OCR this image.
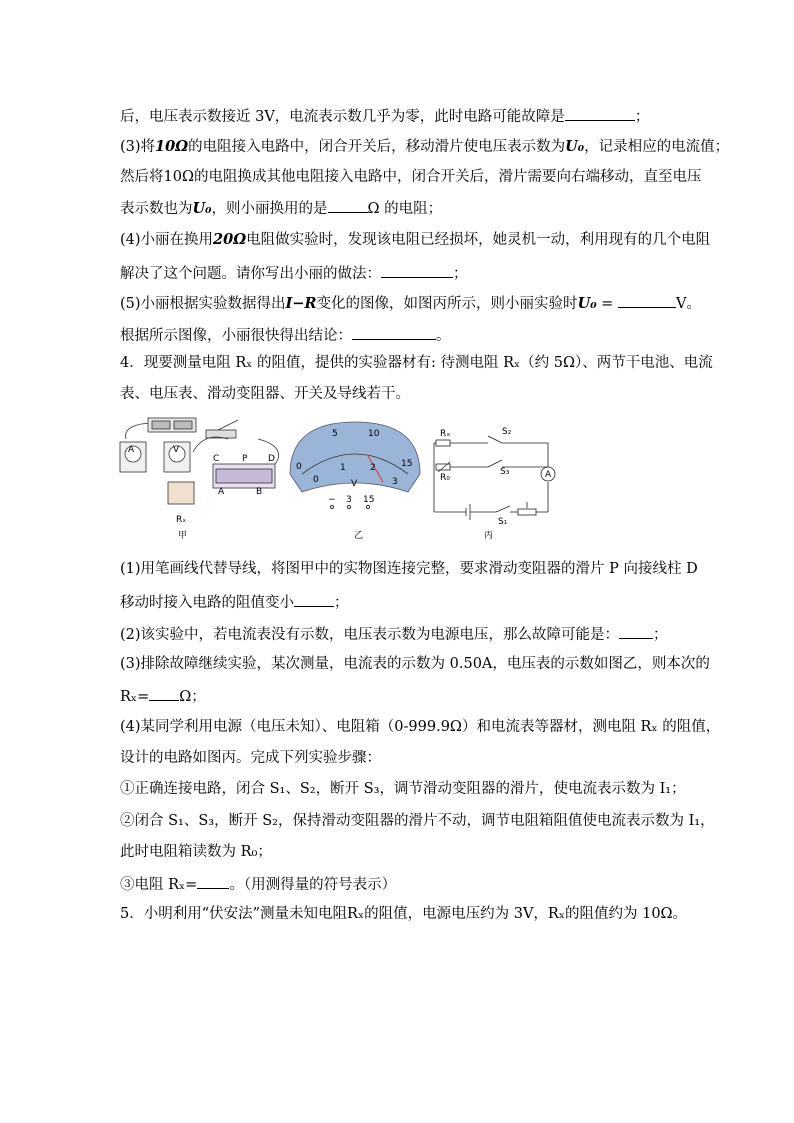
后，电压表示数接近 3V，电流表示数几乎为零，此时电路可能故障是	；
(3)将10Ω的电阻接入电路中，闭合开关后，移动滑片使电压表示数为U₀，记录相应的电流值；
然后将10Ω的电阻换成其他电阻接入电路中，闭合开关后，滑片需要向右端移动，直至电压
表示数也为U₀，则小丽换用的是	Ω 的电阻；
(4)小丽在换用20Ω电阻做实验时，发现该电阻已经损坏，她灵机一动，利用现有的几个电阻
解决了这个问题。请你写出小丽的做法：	；
(5)小丽根据实验数据得出I−R变化的图像，如图丙所示，则小丽实验时U₀ =	V。
根据所示图像，小丽很快得出结论：	。
4．现要测量电阻 Rₓ 的阻值，提供的实验器材有: 待测电阻 Rₓ（约 5Ω）、两节干电池、电流
表、电压表、滑动变阻器、开关及导线若干。
A	V
C	P D
A	B
Rₓ
甲
0
5	10
15
0
1	2
3
V
− 3 15
乙
Rₓ
R₀
S₂
S₃
S₁
A
丙
(1)用笔画线代替导线，将图甲中的实物图连接完整，要求滑动变阻器的滑片 P 向接线柱 D
移动时接入电路的阻值变小	；
(2)该实验中，若电流表没有示数，电压表示数为电源电压，那么故障可能是： ；
(3)排除故障继续实验，某次测量，电流表的示数为 0.50A，电压表的示数如图乙，则本次的
Rₓ= Ω；
(4)某同学利用电源（电压未知）、电阻箱（0-999.9Ω）和电流表等器材，测电阻 Rₓ 的阻值，
设计的电路如图丙。完成下列实验步骤：
①正确连接电路，闭合 S₁、S₂，断开 S₃，调节滑动变阻器的滑片，使电流表示数为 I₁；
②闭合 S₁、S₃，断开 S₂，保持滑动变阻器的滑片不动，调节电阻箱阻值使电流表示数为 I₁，
此时电阻箱读数为 R₀；
③电阻 Rₓ= 。（用测得量的符号表示）
5．小明利用“伏安法”测量未知电阻Rₓ的阻值，电源电压约为 3V，Rₓ的阻值约为 10Ω。
